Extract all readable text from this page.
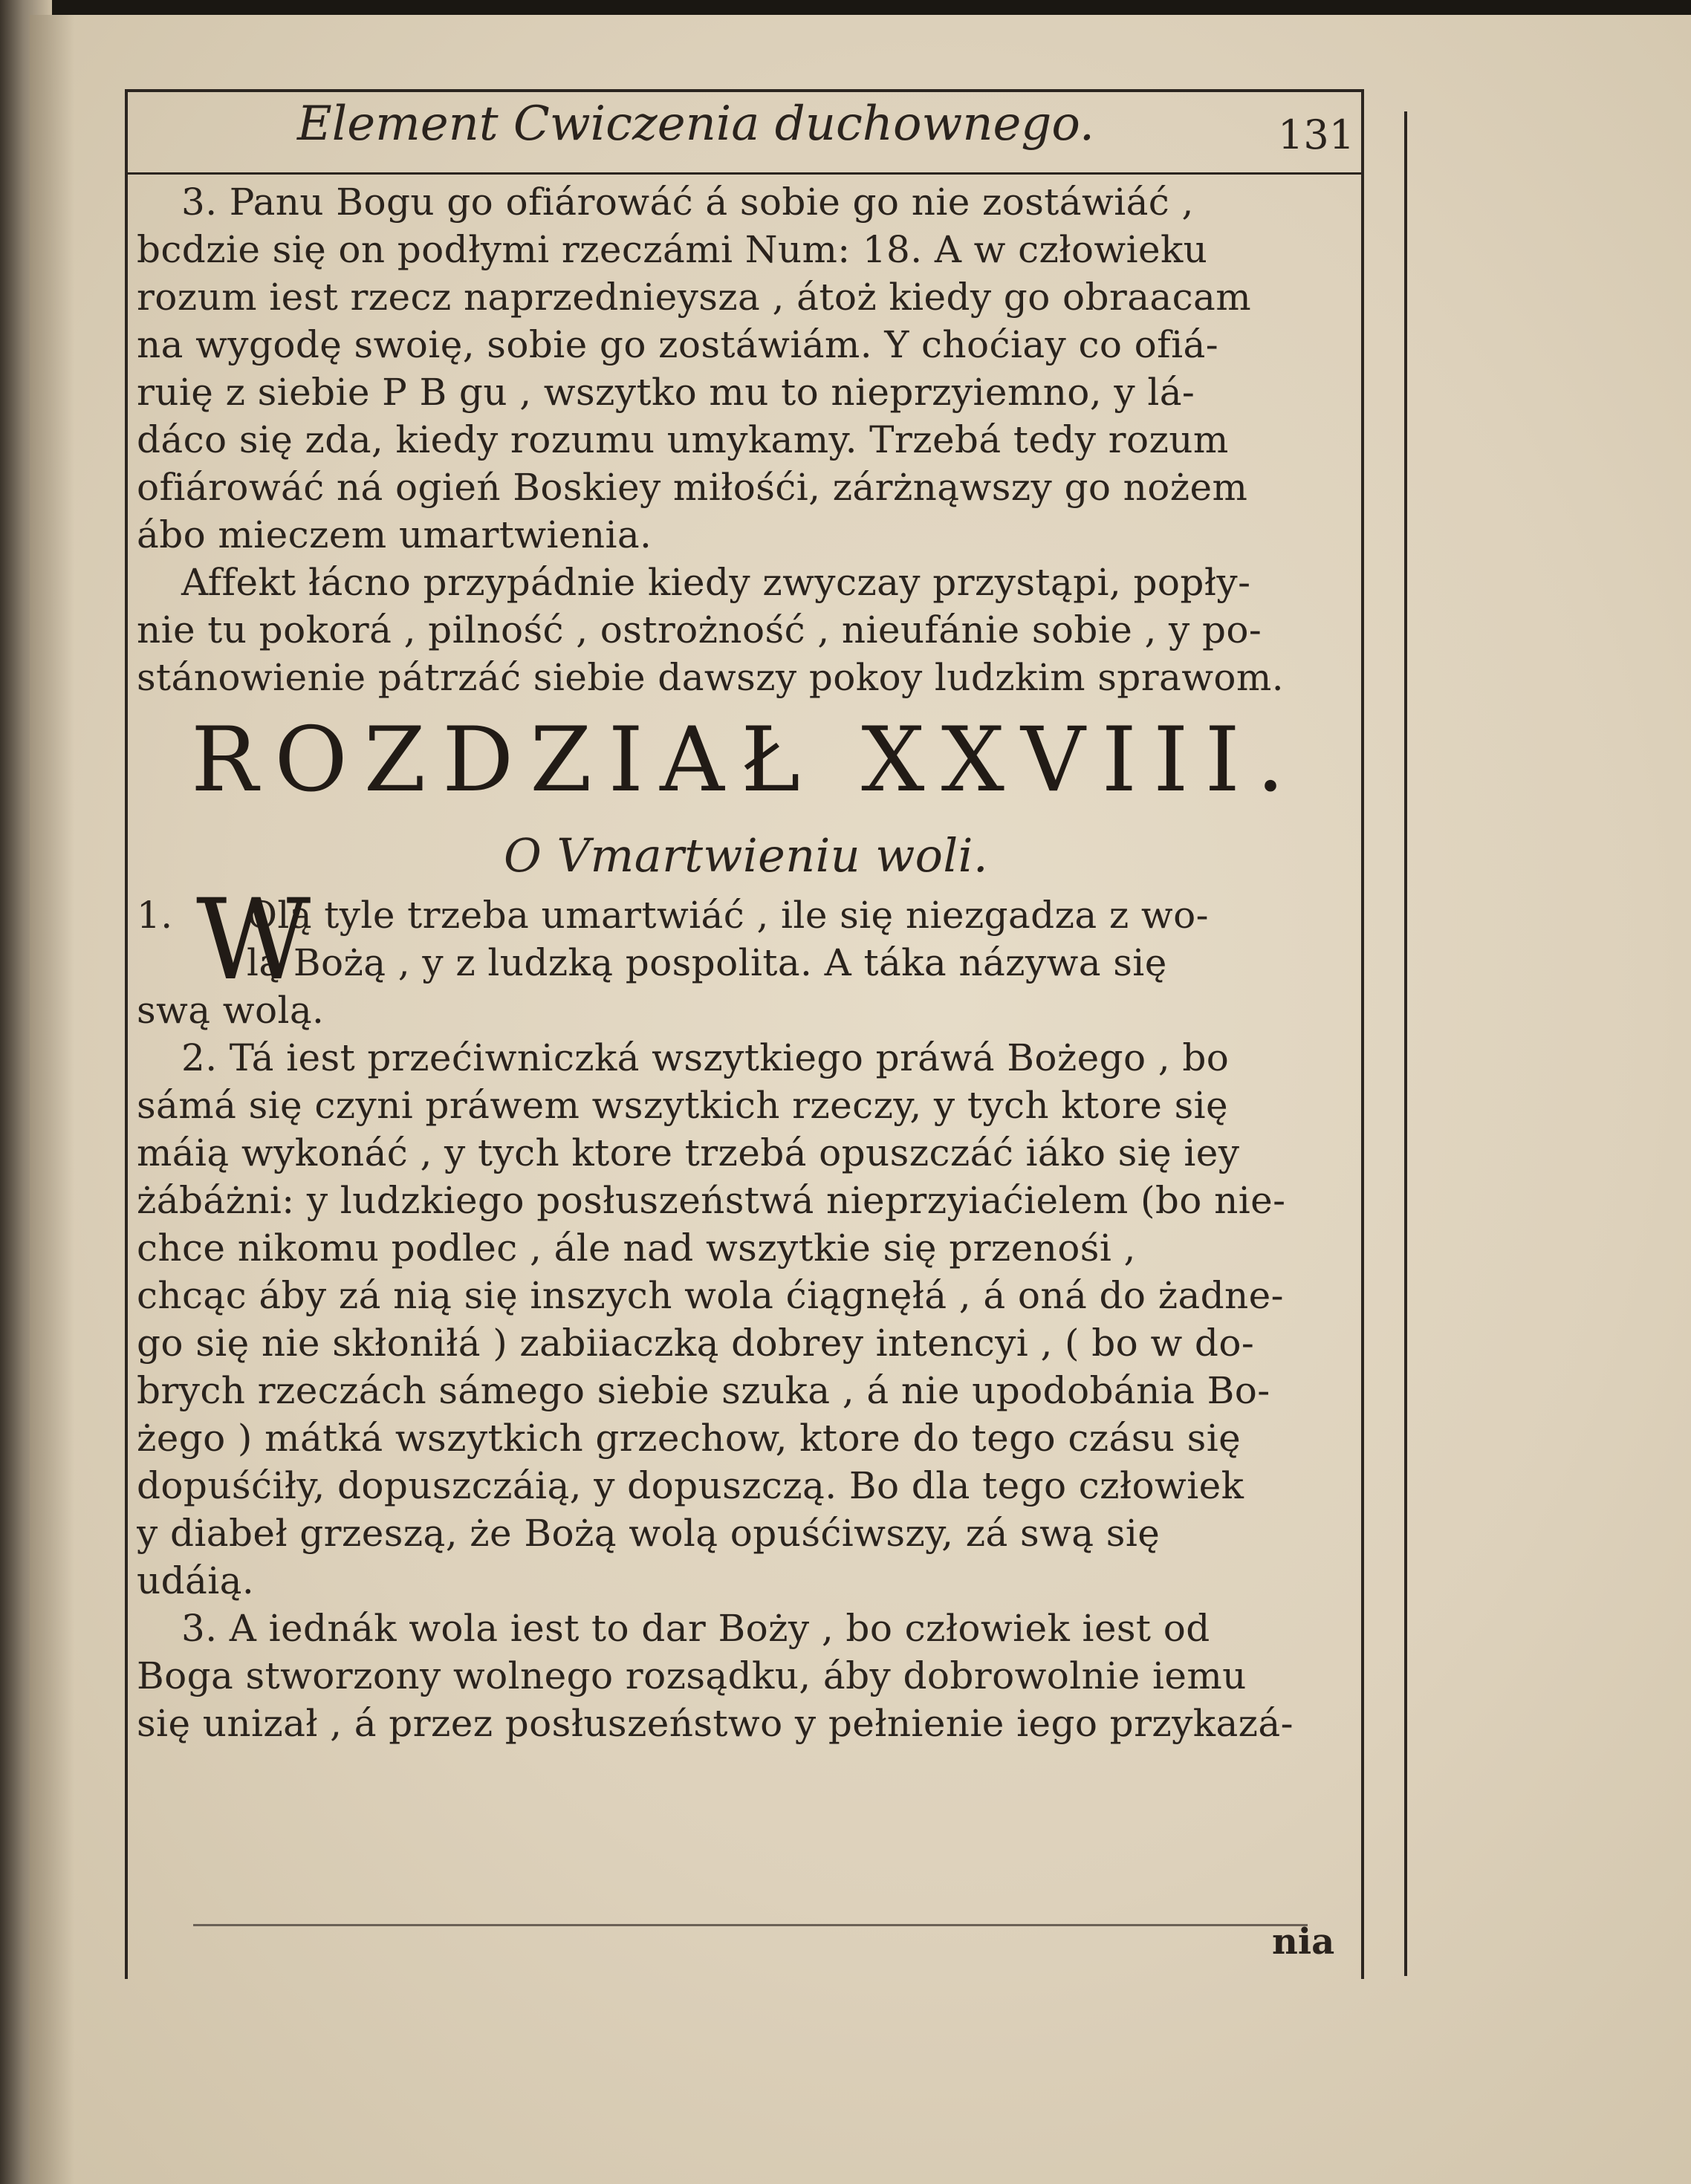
Element Cwiczenia duchownego.	131
3. Panu Bogu go ofiárowáć á sobie go nie zostáwiáć ,
bcdzie się on podłymi rzeczámi Num: 18. A w człowieku
rozum iest rzecz naprzednieysza , átoż kiedy go obraacam
na wygodę swoię, sobie go zostáwiám. Y choćiay co ofiá-
ruię z siebie P B gu , wszytko mu to nieprzyiemno, y lá-
dáco się zda, kiedy rozumu umykamy. Trzebá tedy rozum
ofiárowáć ná ogień Boskiey miłośći, zárżnąwszy go nożem
ábo mieczem umartwienia.
Affekt łácno przypádnie kiedy zwyczay przystąpi, popły-
nie tu pokorá , pilność , ostrożność , nieufánie sobie , y po-
stánowienie pátrzáć siebie dawszy pokoy ludzkim sprawom.
ROZDZIAŁ XXVIII.
O Vmartwieniu woli.
1. W
Olą tyle trzeba umartwiáć , ile się niezgadza z wo-
lą Bożą , y z ludzką pospolita. A táka názywa się
swą wolą.
2. Tá iest przećiwniczká wszytkiego práwá Bożego , bo
sámá się czyni práwem wszytkich rzeczy, y tych ktore się
máią wykonáć , y tych ktore trzebá opuszczáć iáko się iey
żábáżni: y ludzkiego posłuszeństwá nieprzyiaćielem (bo nie-
chce nikomu podlec , ále nad wszytkie się przenośi ,
chcąc áby zá nią się inszych wola ćiągnęłá , á oná do żadne-
go się nie skłoniłá ) zabiiaczką dobrey intencyi , ( bo w do-
brych rzeczách sámego siebie szuka , á nie upodobánia Bo-
żego ) mátká wszytkich grzechow, ktore do tego czásu się
dopuśćiły, dopuszczáią, y dopuszczą. Bo dla tego człowiek
y diabeł grzeszą, że Bożą wolą opuśćiwszy, zá swą się
udáią.
3. A iednák wola iest to dar Boży , bo człowiek iest od
Boga stworzony wolnego rozsądku, áby dobrowolnie iemu
się unizał , á przez posłuszeństwo y pełnienie iego przykazá-
nia
